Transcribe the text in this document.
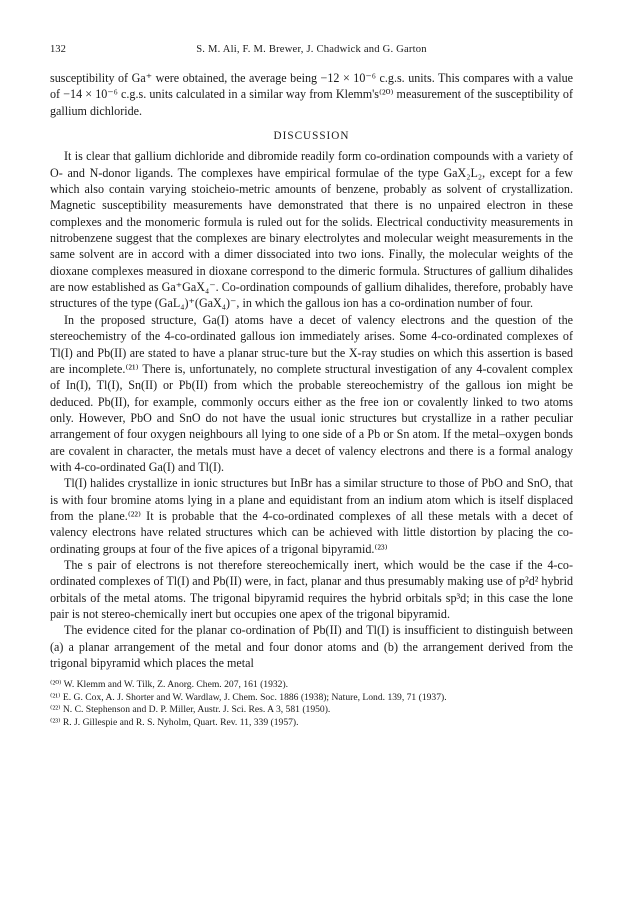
132	S. M. Ali, F. M. Brewer, J. Chadwick and G. Garton

susceptibility of Ga⁺ were obtained, the average being −12 × 10⁻⁶ c.g.s. units. This compares with a value of −14 × 10⁻⁶ c.g.s. units calculated in a similar way from Klemm's⁽²⁰⁾ measurement of the susceptibility of gallium dichloride.

DISCUSSION

It is clear that gallium dichloride and dibromide readily form co-ordination compounds with a variety of O- and N-donor ligands. The complexes have empirical formulae of the type GaX₂L₂, except for a few which also contain varying stoicheio-metric amounts of benzene, probably as solvent of crystallization. Magnetic susceptibility measurements have demonstrated that there is no unpaired electron in these complexes and the monomeric formula is ruled out for the solids. Electrical conductivity measurements in nitrobenzene suggest that the complexes are binary electrolytes and molecular weight measurements in the same solvent are in accord with a dimer dissociated into two ions. Finally, the molecular weights of the dioxane complexes measured in dioxane correspond to the dimeric formula. Structures of gallium dihalides are now established as Ga⁺GaX₄⁻. Co-ordination compounds of gallium dihalides, therefore, probably have structures of the type (GaL₄)⁺(GaX₄)⁻, in which the gallous ion has a co-ordination number of four.

In the proposed structure, Ga(I) atoms have a decet of valency electrons and the question of the stereochemistry of the 4-co-ordinated gallous ion immediately arises. Some 4-co-ordinated complexes of Tl(I) and Pb(II) are stated to have a planar struc-ture but the X-ray studies on which this assertion is based are incomplete.⁽²¹⁾ There is, unfortunately, no complete structural investigation of any 4-covalent complex of In(I), Tl(I), Sn(II) or Pb(II) from which the probable stereochemistry of the gallous ion might be deduced. Pb(II), for example, commonly occurs either as the free ion or covalently linked to two atoms only. However, PbO and SnO do not have the usual ionic structures but crystallize in a rather peculiar arrangement of four oxygen neighbours all lying to one side of a Pb or Sn atom. If the metal–oxygen bonds are covalent in character, the metals must have a decet of valency electrons and there is a formal analogy with 4-co-ordinated Ga(I) and Tl(I).

Tl(I) halides crystallize in ionic structures but InBr has a similar structure to those of PbO and SnO, that is with four bromine atoms lying in a plane and equidistant from an indium atom which is itself displaced from the plane.⁽²²⁾ It is probable that the 4-co-ordinated complexes of all these metals with a decet of valency electrons have related structures which can be achieved with little distortion by placing the co-ordinating groups at four of the five apices of a trigonal bipyramid.⁽²³⁾

The s pair of electrons is not therefore stereochemically inert, which would be the case if the 4-co-ordinated complexes of Tl(I) and Pb(II) were, in fact, planar and thus presumably making use of p²d² hybrid orbitals of the metal atoms. The trigonal bipyramid requires the hybrid orbitals sp³d; in this case the lone pair is not stereo-chemically inert but occupies one apex of the trigonal bipyramid.

The evidence cited for the planar co-ordination of Pb(II) and Tl(I) is insufficient to distinguish between (a) a planar arrangement of the metal and four donor atoms and (b) the arrangement derived from the trigonal bipyramid which places the metal

⁽²⁰⁾ W. Klemm and W. Tilk, Z. Anorg. Chem. 207, 161 (1932).
⁽²¹⁾ E. G. Cox, A. J. Shorter and W. Wardlaw, J. Chem. Soc. 1886 (1938); Nature, Lond. 139, 71 (1937).
⁽²²⁾ N. C. Stephenson and D. P. Miller, Austr. J. Sci. Res. A 3, 581 (1950).
⁽²³⁾ R. J. Gillespie and R. S. Nyholm, Quart. Rev. 11, 339 (1957).
